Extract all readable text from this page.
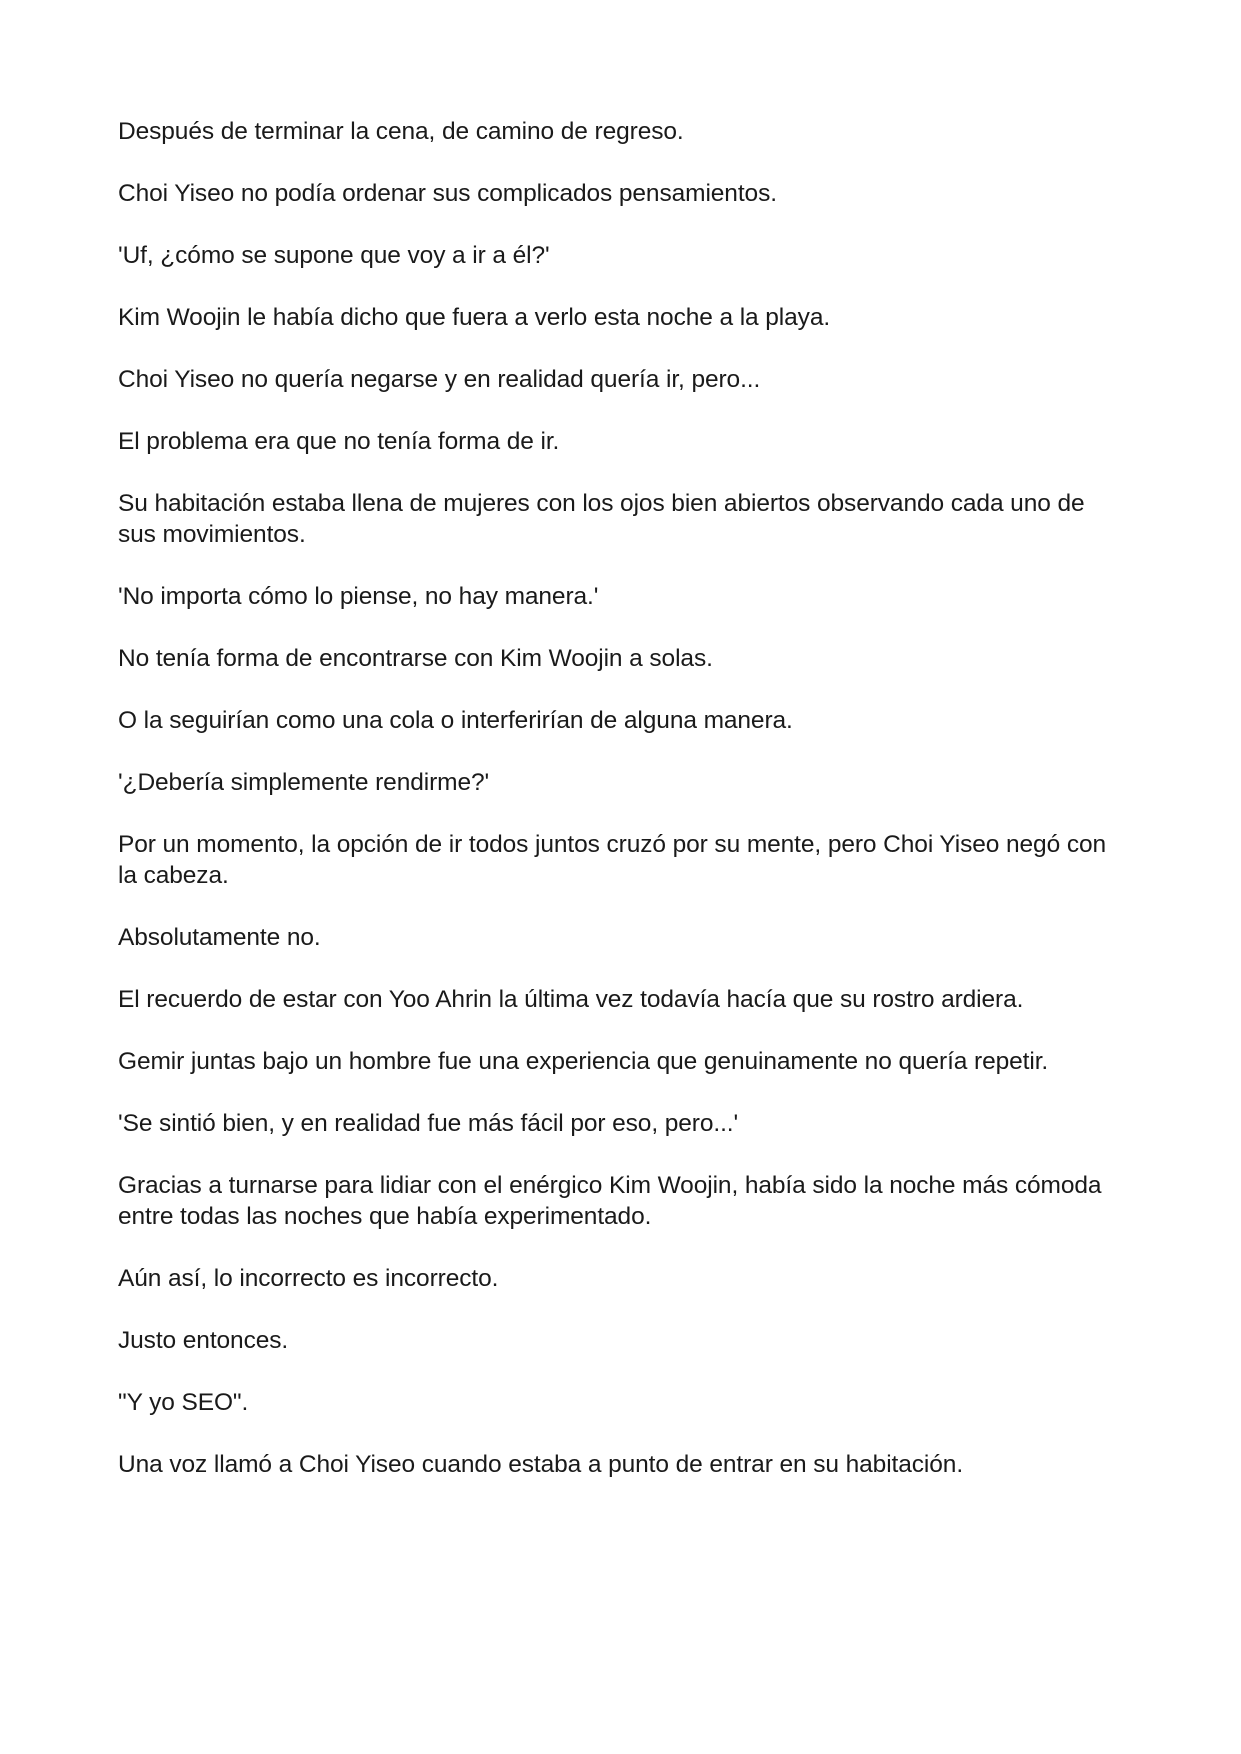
Después de terminar la cena, de camino de regreso.

Choi Yiseo no podía ordenar sus complicados pensamientos.

'Uf, ¿cómo se supone que voy a ir a él?'

Kim Woojin le había dicho que fuera a verlo esta noche a la playa.

Choi Yiseo no quería negarse y en realidad quería ir, pero...

El problema era que no tenía forma de ir.

Su habitación estaba llena de mujeres con los ojos bien abiertos observando cada uno de sus movimientos.

'No importa cómo lo piense, no hay manera.'

No tenía forma de encontrarse con Kim Woojin a solas.

O la seguirían como una cola o interferirían de alguna manera.

'¿Debería simplemente rendirme?'

Por un momento, la opción de ir todos juntos cruzó por su mente, pero Choi Yiseo negó con la cabeza.

Absolutamente no.

El recuerdo de estar con Yoo Ahrin la última vez todavía hacía que su rostro ardiera.

Gemir juntas bajo un hombre fue una experiencia que genuinamente no quería repetir.

'Se sintió bien, y en realidad fue más fácil por eso, pero...'

Gracias a turnarse para lidiar con el enérgico Kim Woojin, había sido la noche más cómoda entre todas las noches que había experimentado.

Aún así, lo incorrecto es incorrecto.

Justo entonces.

"Y yo SEO".

Una voz llamó a Choi Yiseo cuando estaba a punto de entrar en su habitación.
